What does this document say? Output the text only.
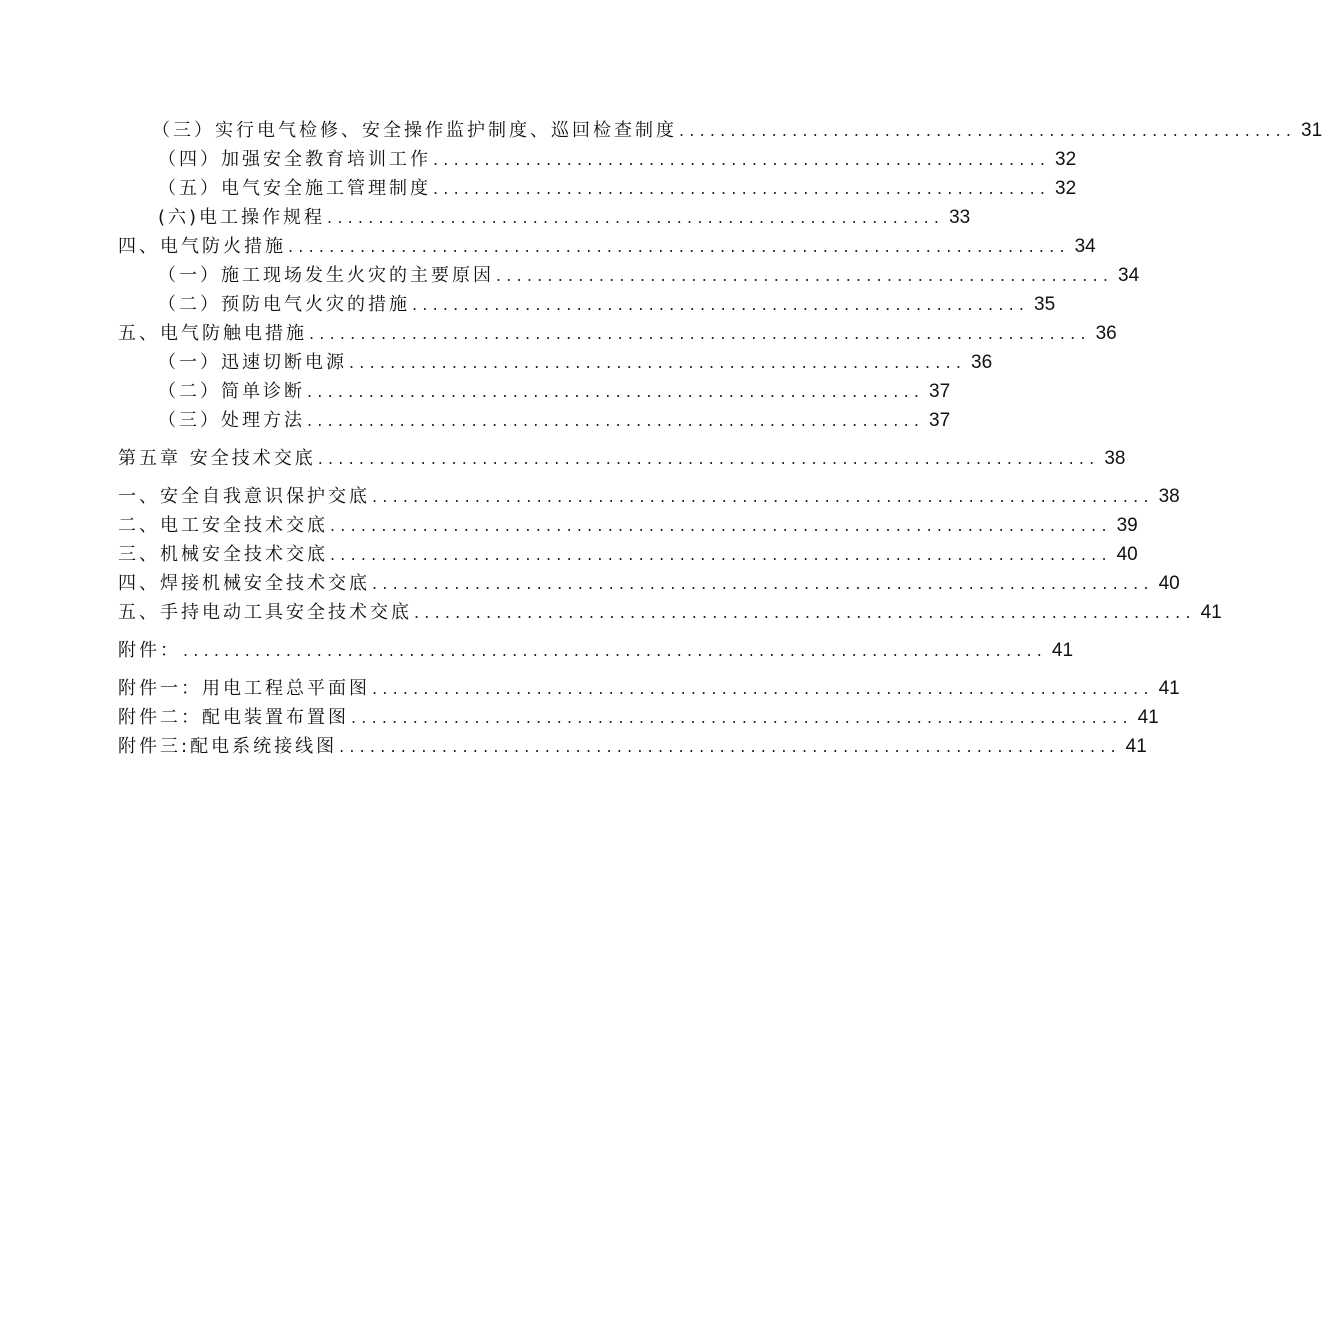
（三）实行电气检修、安全操作监护制度、巡回检查制度 ............................................................ 31
（四）加强安全教育培训工作 ............................................................ 32
（五）电气安全施工管理制度 ............................................................ 32
(六)电工操作规程 ............................................................ 33
四、电气防火措施 ............................................................................ 34
（一）施工现场发生火灾的主要原因 ............................................................ 34
（二）预防电气火灾的措施 ............................................................ 35
五、电气防触电措施 ............................................................................ 36
（一）迅速切断电源 ............................................................ 36
（二）简单诊断 ............................................................ 37
（三）处理方法 ............................................................ 37
第五章 安全技术交底 ............................................................................ 38
一、安全自我意识保护交底 ............................................................................ 38
二、电工安全技术交底 ............................................................................ 39
三、机械安全技术交底 ............................................................................ 40
四、焊接机械安全技术交底 ............................................................................ 40
五、手持电动工具安全技术交底 ............................................................................ 41
附件： .................................................................................... 41
附件一：用电工程总平面图 ............................................................................ 41
附件二：配电装置布置图 ............................................................................ 41
附件三:配电系统接线图 ............................................................................ 41
